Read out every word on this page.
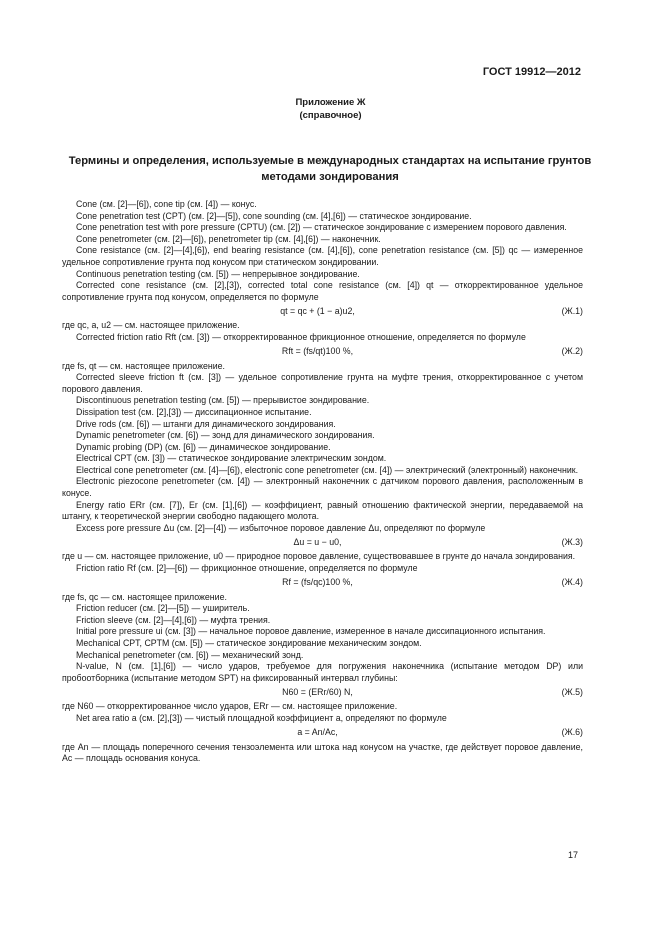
ГОСТ 19912—2012
Приложение Ж
(справочное)
Термины и определения, используемые в международных стандартах на испытание грунтов методами зондирования

Cone (см. [2]—[6]), cone tip (см. [4]) — конус.

Cone penetration test (CPT) (см. [2]—[5]), cone sounding (см. [4],[6]) — статическое зондирование.

Cone penetration test with pore pressure (CPTU) (см. [2]) — статическое зондирование с измерением порового давления.

Cone penetrometer (см. [2]—[6]), penetrometer tip (см. [4],[6]) — наконечник.

Cone resistance (см. [2]—[4],[6]), end bearing resistance (см. [4],[6]), cone penetration resistance (см. [5]) qc — измеренное удельное сопротивление грунта под конусом при статическом зондировании.

Continuous penetration testing (см. [5]) — непрерывное зондирование.

Corrected cone resistance (см. [2],[3]), corrected total cone resistance (см. [4]) qt — откорректированное удельное сопротивление грунта под конусом, определяется по формуле

qt = qc + (1 − a)u2,	(Ж.1)

где qc, a, u2 — см. настоящее приложение.

Corrected friction ratio Rft (см. [3]) — откорректированное фрикционное отношение, определяется по формуле

Rft = (fs/qt)100 %,	(Ж.2)

где fs, qt — см. настоящее приложение.

Corrected sleeve friction ft (см. [3]) — удельное сопротивление грунта на муфте трения, откорректированное с учетом порового давления.

Discontinuous penetration testing (см. [5]) — прерывистое зондирование.

Dissipation test (см. [2],[3]) — диссипационное испытание.

Drive rods (см. [6]) — штанги для динамического зондирования.

Dynamic penetrometer (см. [6]) — зонд для динамического зондирования.

Dynamic probing (DP) (см. [6]) — динамическое зондирование.

Electrical CPT (см. [3]) — статическое зондирование электрическим зондом.

Electrical cone penetrometer (см. [4]—[6]), electronic cone penetrometer (см. [4]) — электрический (электронный) наконечник.

Electronic piezocone penetrometer (см. [4]) — электронный наконечник с датчиком порового давления, расположенным в конусе.

Energy ratio ERr (см. [7]), Er (см. [1],[6]) — коэффициент, равный отношению фактической энергии, передаваемой на штангу, к теоретической энергии свободно падающего молота.

Excess pore pressure Δu (см. [2]—[4]) — избыточное поровое давление Δu, определяют по формуле

Δu = u − u0,	(Ж.3)

где u — см. настоящее приложение, u0 — природное поровое давление, существовавшее в грунте до начала зондирования.

Friction ratio Rf (см. [2]—[6]) — фрикционное отношение, определяется по формуле

Rf = (fs/qc)100 %,	(Ж.4)

где fs, qc — см. настоящее приложение.

Friction reducer (см. [2]—[5]) — уширитель.

Friction sleeve (см. [2]—[4],[6]) — муфта трения.

Initial pore pressure ui (см. [3]) — начальное поровое давление, измеренное в начале диссипационного испытания.

Mechanical CPT, CPTM (см. [5]) — статическое зондирование механическим зондом.

Mechanical penetrometer (см. [6]) — механический зонд.

N-value, N (см. [1],[6]) — число ударов, требуемое для погружения наконечника (испытание методом DP) или пробоотборника (испытание методом SPT) на фиксированный интервал глубины:

N60 = (ERr/60) N,	(Ж.5)

где N60 — откорректированное число ударов, ERr — см. настоящее приложение.

Net area ratio a (см. [2],[3]) — чистый площадной коэффициент a, определяют по формуле

a = An/Ac,	(Ж.6)

где An — площадь поперечного сечения тензоэлемента или штока над конусом на участке, где действует поровое давление, Ac — площадь основания конуса.

17
